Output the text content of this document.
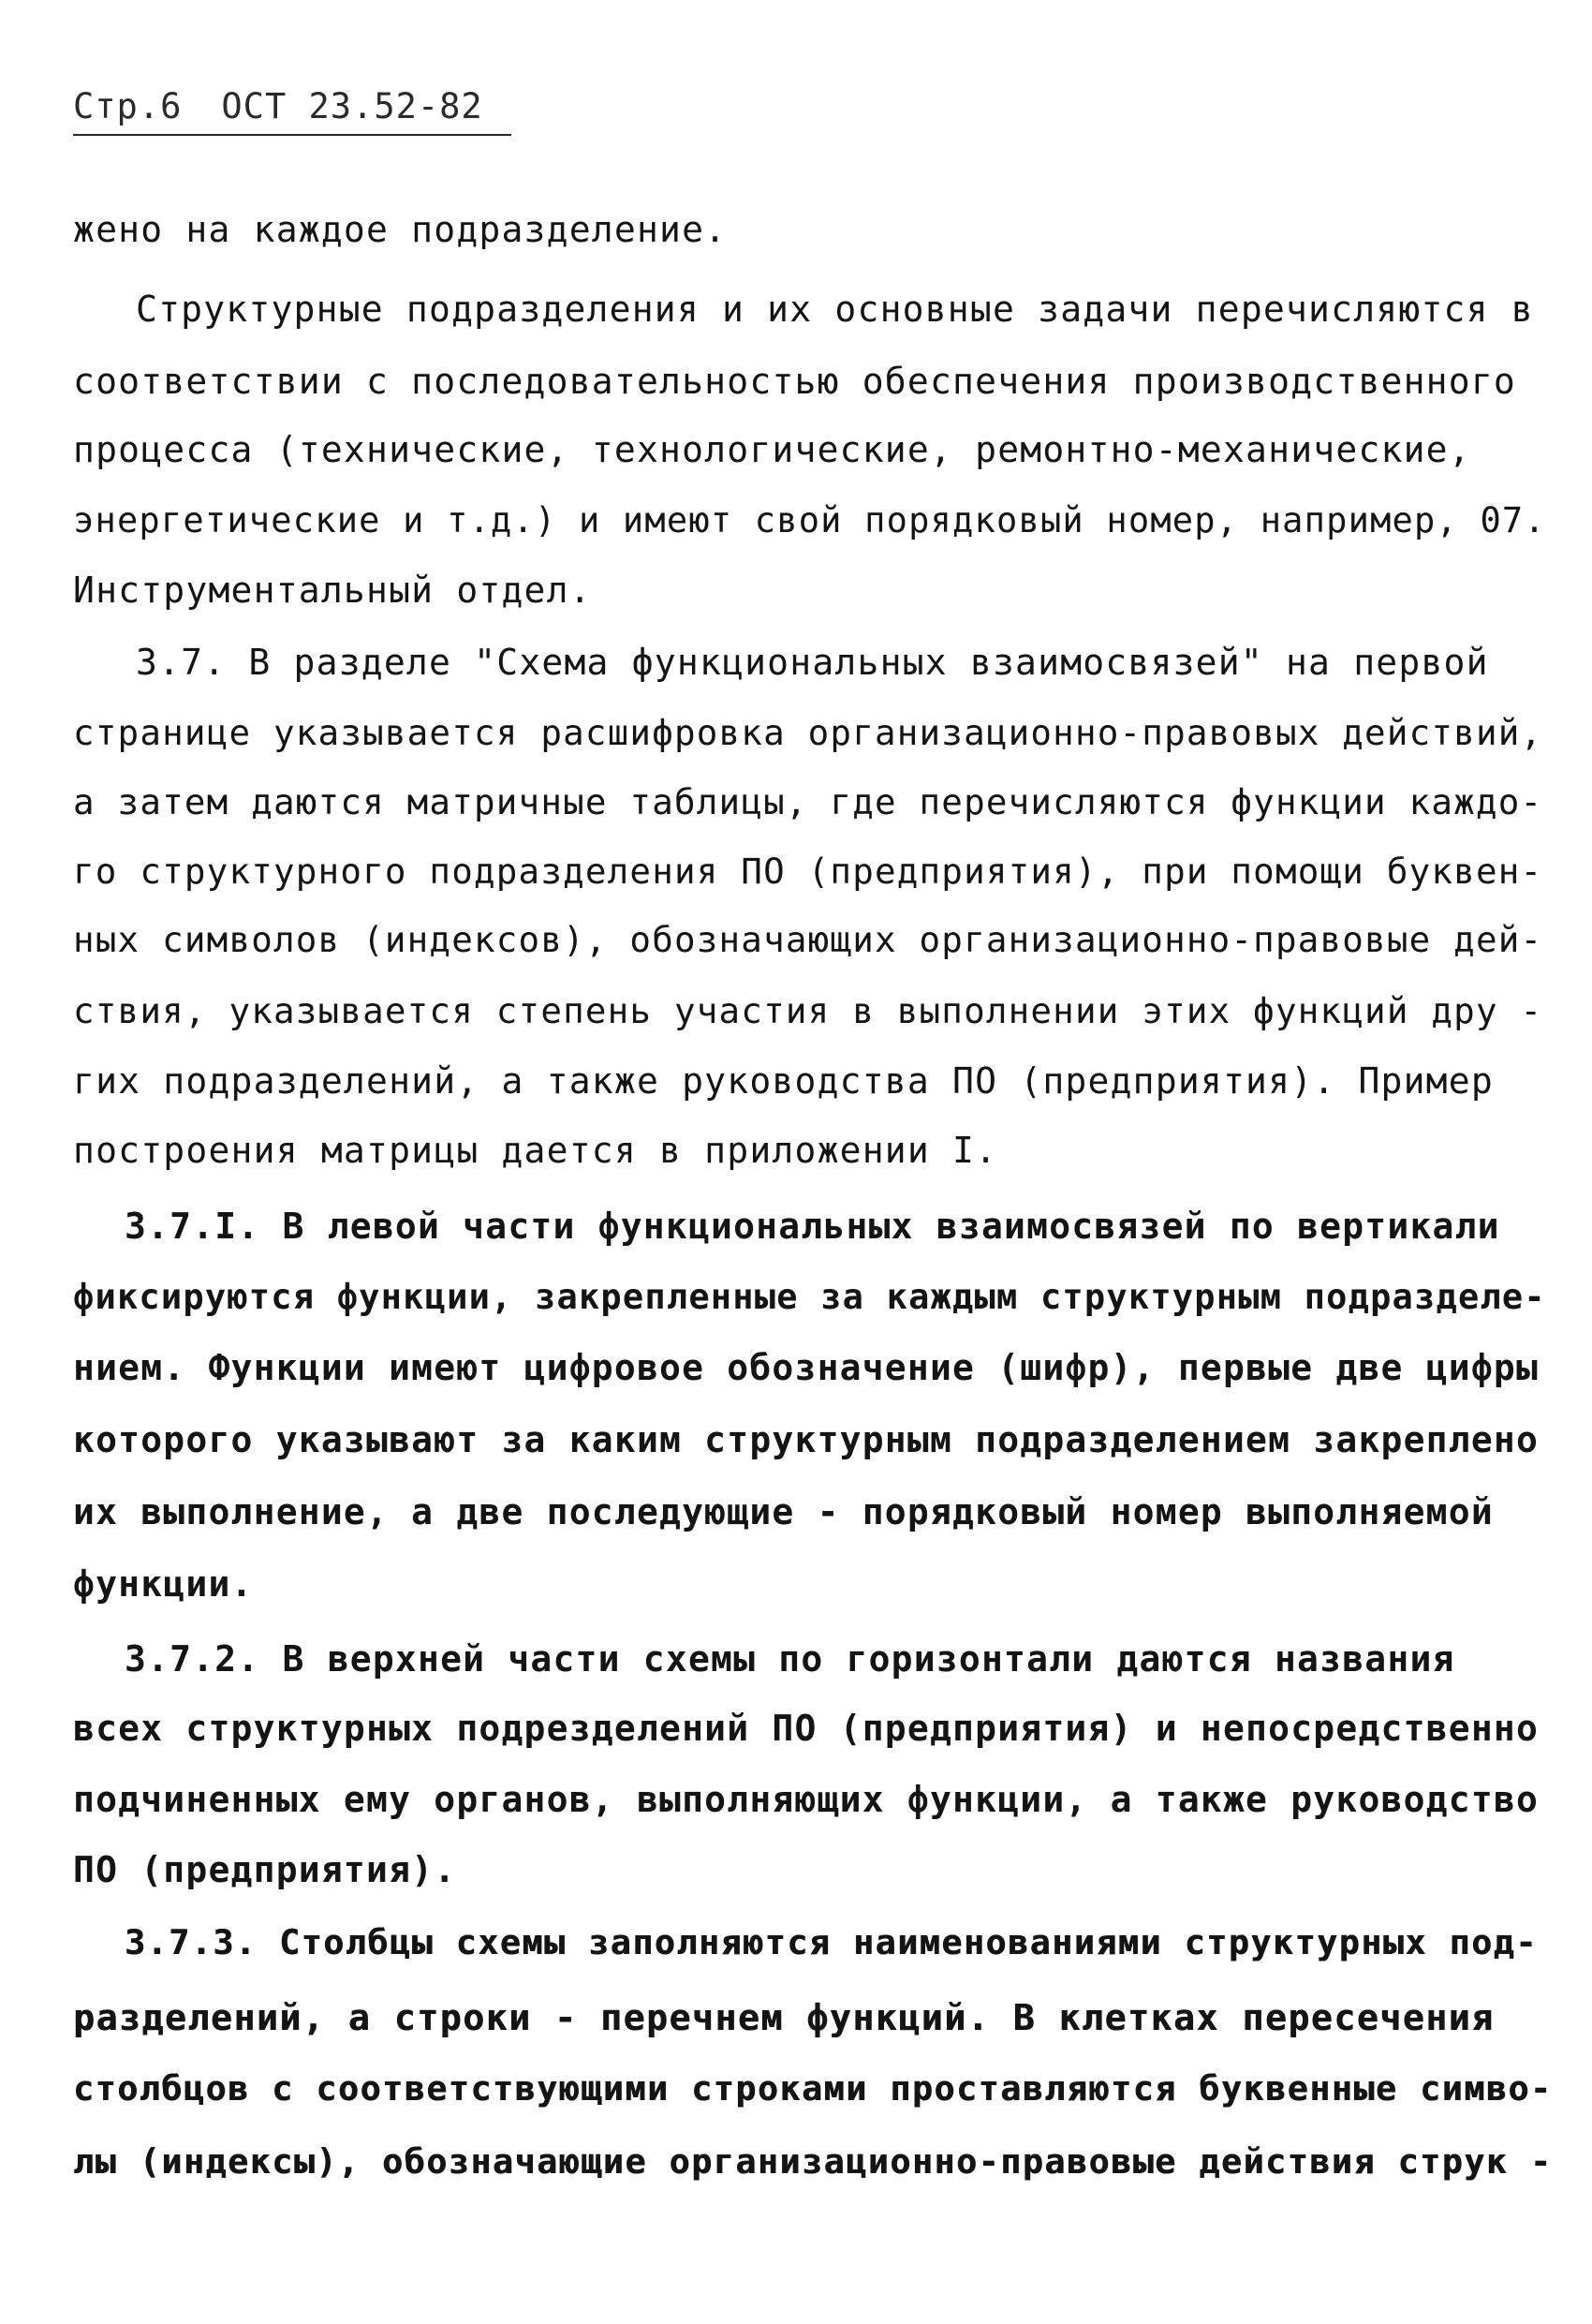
Стр.6 ОСТ 23.52-82
жено на каждое подразделение.
Структурные подразделения и их основные задачи перечисляются в
соответствии с последовательностью обеспечения производственного
процесса (технические, технологические, ремонтно-механические,
энергетические и т.д.) и имеют свой порядковый номер, например, 07.
Инструментальный отдел.
3.7. В разделе "Схема функциональных взаимосвязей" на первой
странице указывается расшифровка организационно-правовых действий,
а затем даются матричные таблицы, где перечисляются функции каждо-
го структурного подразделения ПО (предприятия), при помощи буквен-
ных символов (индексов), обозначающих организационно-правовые дей-
ствия, указывается степень участия в выполнении этих функций дру -
гих подразделений, а также руководства ПО (предприятия). Пример
построения матрицы дается в приложении I.
3.7.I. В левой части функциональных взаимосвязей по вертикали
фиксируются функции, закрепленные за каждым структурным подразделе-
нием. Функции имеют цифровое обозначение (шифр), первые две цифры
которого указывают за каким структурным подразделением закреплено
их выполнение, а две последующие - порядковый номер выполняемой
функции.
3.7.2. В верхней части схемы по горизонтали даются названия
всех структурных подрезделений ПО (предприятия) и непосредственно
подчиненных ему органов, выполняющих функции, а также руководство
ПО (предприятия).
3.7.3. Столбцы схемы заполняются наименованиями структурных под-
разделений, а строки - перечнем функций. В клетках пересечения
столбцов с соответствующими строками проставляются буквенные симво-
лы (индексы), обозначающие организационно-правовые действия струк -
